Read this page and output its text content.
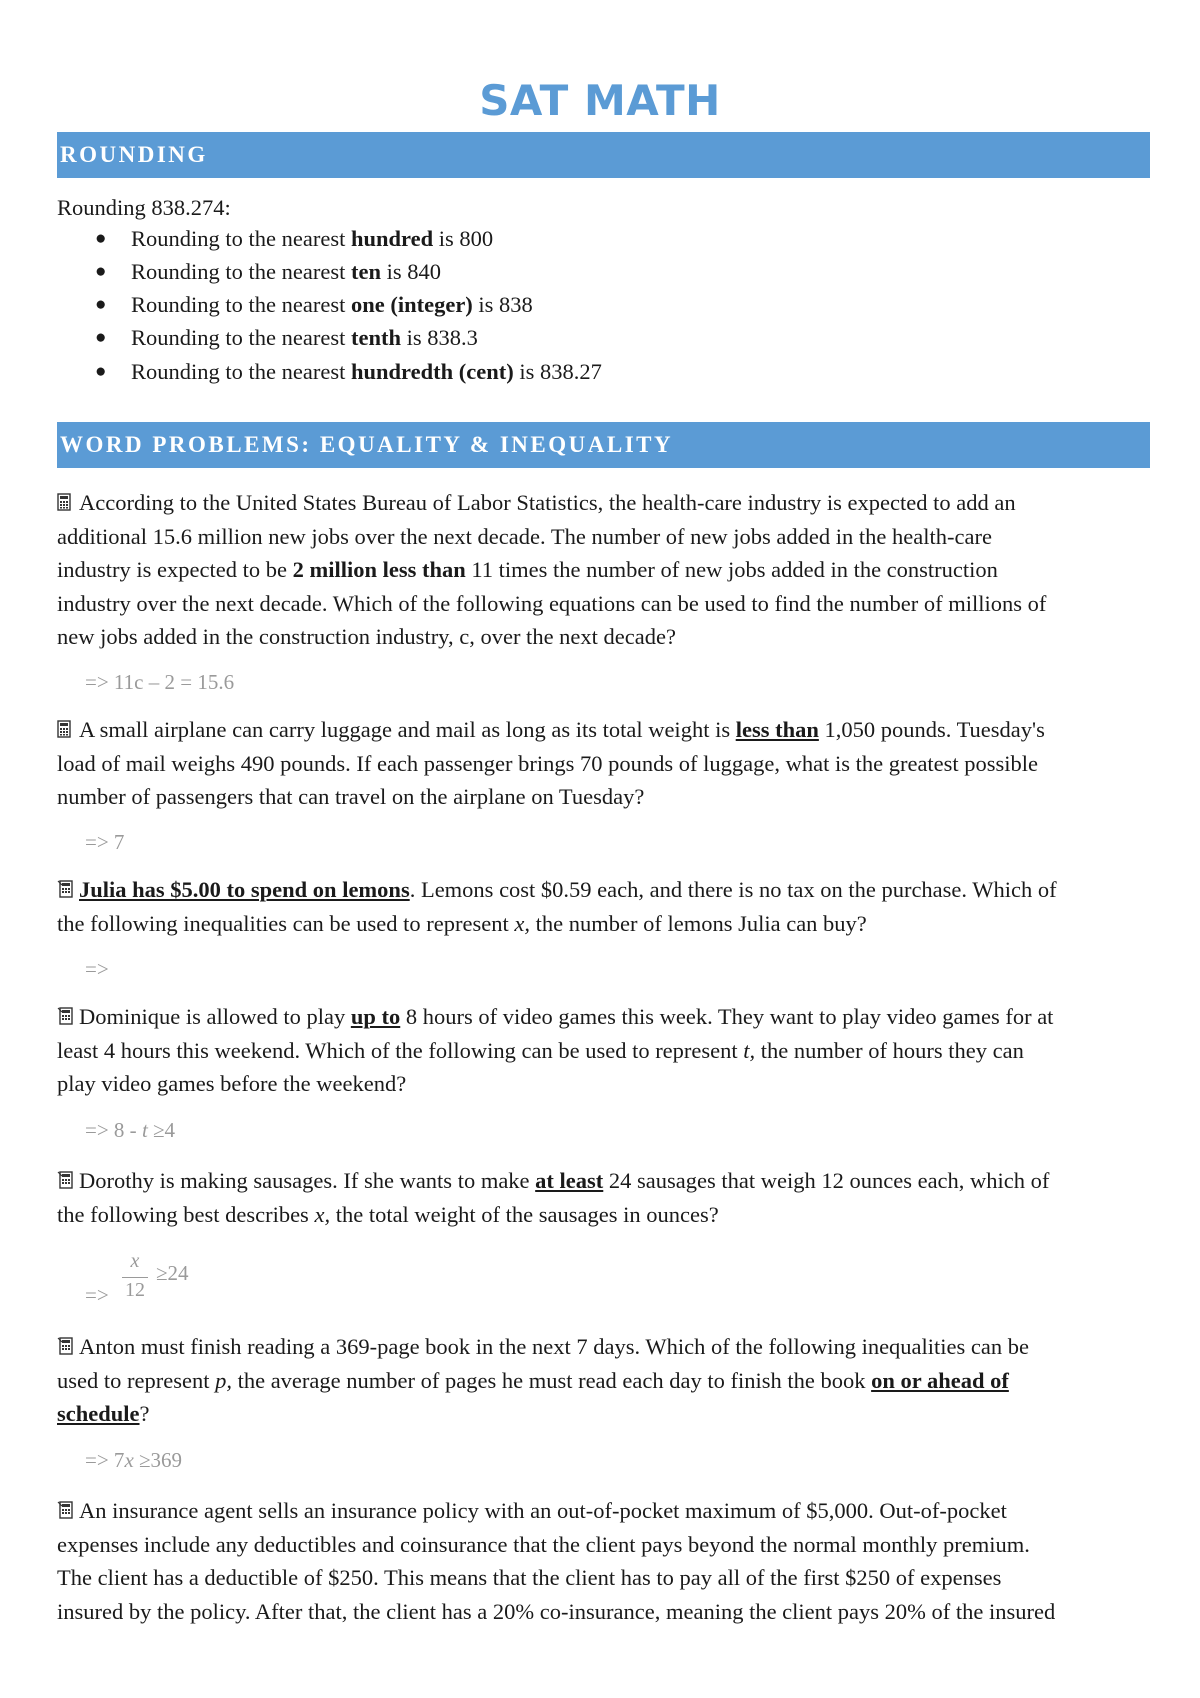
SAT MATH
ROUNDING
Rounding 838.274:
● Rounding to the nearest hundred is 800
● Rounding to the nearest ten is 840
● Rounding to the nearest one (integer) is 838
● Rounding to the nearest tenth is 838.3
● Rounding to the nearest hundredth (cent) is 838.27
WORD PROBLEMS: EQUALITY & INEQUALITY
According to the United States Bureau of Labor Statistics, the health-care industry is expected to add an
additional 15.6 million new jobs over the next decade. The number of new jobs added in the health-care
industry is expected to be 2 million less than 11 times the number of new jobs added in the construction
industry over the next decade. Which of the following equations can be used to find the number of millions of
new jobs added in the construction industry, c, over the next decade?
=> 11c – 2 = 15.6
A small airplane can carry luggage and mail as long as its total weight is less than 1,050 pounds. Tuesday's
load of mail weighs 490 pounds. If each passenger brings 70 pounds of luggage, what is the greatest possible
number of passengers that can travel on the airplane on Tuesday?
=> 7
Julia has $5.00 to spend on lemons. Lemons cost $0.59 each, and there is no tax on the purchase. Which of
the following inequalities can be used to represent x, the number of lemons Julia can buy?
=>
Dominique is allowed to play up to 8 hours of video games this week. They want to play video games for at
least 4 hours this weekend. Which of the following can be used to represent t, the number of hours they can
play video games before the weekend?
=> 8 - t ≥4
Dorothy is making sausages. If she wants to make at least 24 sausages that weigh 12 ounces each, which of
the following best describes x, the total weight of the sausages in ounces?
=>
x
12
≥24
Anton must finish reading a 369-page book in the next 7 days. Which of the following inequalities can be
used to represent p, the average number of pages he must read each day to finish the book on or ahead of
schedule?
=> 7x ≥369
An insurance agent sells an insurance policy with an out-of-pocket maximum of $5,000. Out-of-pocket
expenses include any deductibles and coinsurance that the client pays beyond the normal monthly premium.
The client has a deductible of $250. This means that the client has to pay all of the first $250 of expenses
insured by the policy. After that, the client has a 20% co-insurance, meaning the client pays 20% of the insured
